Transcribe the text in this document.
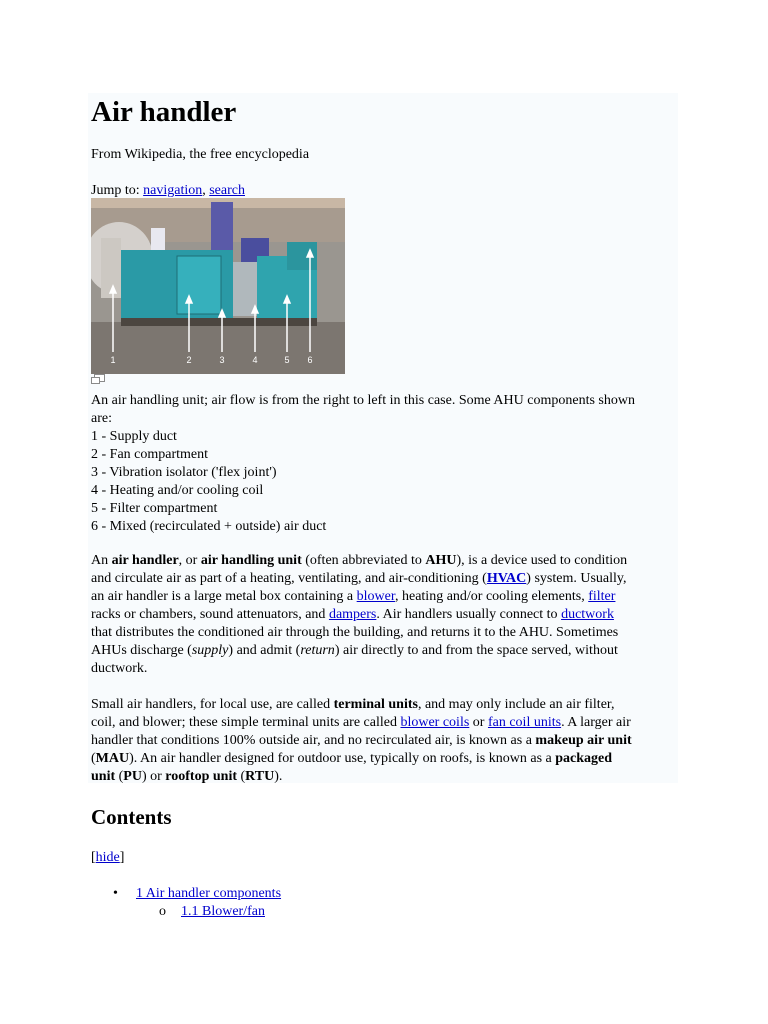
Air handler

From Wikipedia, the free encyclopedia

Jump to: navigation, search

1	2	3	4	5 6

An air handling unit; air flow is from the right to left in this case. Some AHU components shown
are:
1 - Supply duct
2 - Fan compartment
3 - Vibration isolator ('flex joint')
4 - Heating and/or cooling coil
5 - Filter compartment
6 - Mixed (recirculated + outside) air duct

An air handler, or air handling unit (often abbreviated to AHU), is a device used to condition
and circulate air as part of a heating, ventilating, and air-conditioning (HVAC) system. Usually,
an air handler is a large metal box containing a blower, heating and/or cooling elements, filter
racks or chambers, sound attenuators, and dampers. Air handlers usually connect to ductwork
that distributes the conditioned air through the building, and returns it to the AHU. Sometimes
AHUs discharge (supply) and admit (return) air directly to and from the space served, without
ductwork.
Small air handlers, for local use, are called terminal units, and may only include an air filter,
coil, and blower; these simple terminal units are called blower coils or fan coil units. A larger air
handler that conditions 100% outside air, and no recirculated air, is known as a makeup air unit
(MAU). An air handler designed for outdoor use, typically on roofs, is known as a packaged
unit (PU) or rooftop unit (RTU).
Contents

[hide]

• 1 Air handler components
o 1.1 Blower/fan
